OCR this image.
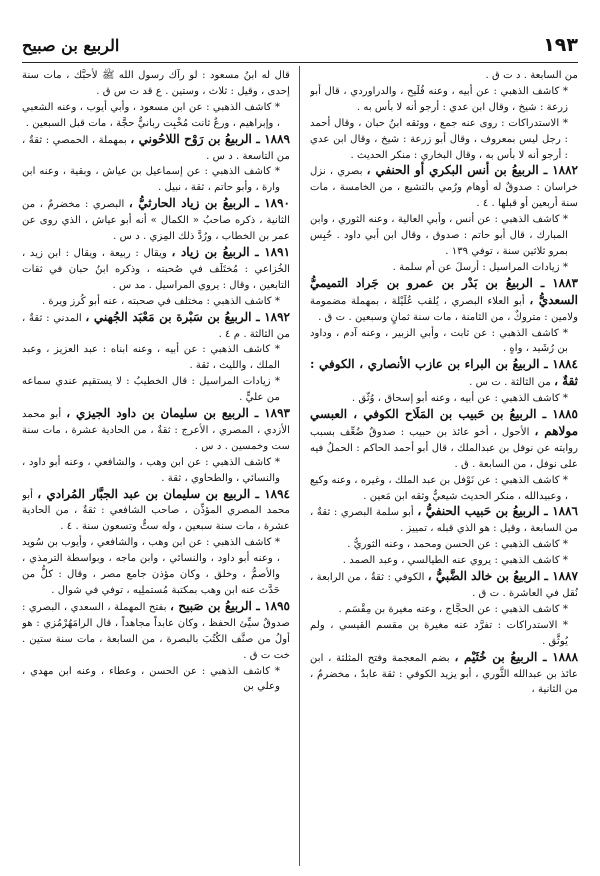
١٩٣
الربيع بن صبيح

من السابعة . د ت ق .

* كاشف الذهبي : عن أبيه ، وعنه فُلَيح ، والدراوردي ، قال أبو زرعة : شيخ ، وقال ابن عدي : أرجو أنه لا بأس به .

* الاستدراكات : روى عنه جمع ، ووثقه ابنُ حبان ، وقال أحمد : رجل ليس بمعروف ، وقال أبو زرعة : شيخ ، وقال ابن عدي : أرجو أنه لا بأس به ، وقال البخاري : منكر الحديث .

١٨٨٢ ـ الربيعُ بن أنس البكري أو الحنفي ، بصري ، نزل خراسان : صدوقٌ له أوهام ورُمي بالتشيع ، من الخامسة ، مات سنة أربعين أو قبلها . ٤ .

* كاشف الذهبي : عن أنس ، وأبي العالية ، وعنه الثوري ، وابن المبارك ، قال أبو حاتم : صدوق ، وقال ابن أبي داود . حُبِس بمرو ثلاثين سنة ، توفي ١٣٩ .

* زيادات المراسيل : أرسلَ عن أم سلمة .

١٨٨٣ ـ الربيعُ بن بَدْر بن عمرو بن جَراد التميميُّ السعديُّ ، أبو العلاء البصري ، يُلقب عُلَيْلة ، بمهملة مضمومة ولامين : متروكٌ ، من الثامنة ، مات سنة ثمانٍ وسبعين . ت ق .

* كاشف الذهبي : عن ثابت ، وأبي الزبير ، وعنه آدم ، وداود بن رُشَيد ، واهٍ .

١٨٨٤ ـ الربيعُ بن البراء بن عازب الأنصاري ، الكوفي : ثقةٌ ، من الثالثة . ت س .

* كاشف الذهبي : عن أبيه ، وعنه أبو إسحاق ، وُثّق .

١٨٨٥ ـ الربيعُ بن حَبيب بن المَلَاح الكوفي ، العبسي مولاهم ، الأحول ، أخو عائذ بن حبيب : صدوقٌ ضُعِّف بسبب روايته عن نوفل بن عبدالملك ، قال أبو أحمد الحاكم : الحملُ فيه على نوفل ، من السابعة . ق .

* كاشف الذهبي : عن نَوْفل بن عبد الملك ، وغيره ، وعنه وكيع ، وعبيدالله ، منكر الحديث شيعيٌّ وثقه ابن مَعين .

١٨٨٦ ـ الربيعُ بن حَبيب الحنفيُّ ، أبو سلمة البصري : ثقةٌ ، من السابعة ، وقيل : هو الذي قبله ، تمييز .

* كاشف الذهبي : عن الحسن ومحمد ، وعنه الثوريُّ .

* كاشف الذهبي : يروي عنه الطيالسي ، وعبد الصمد .

١٨٨٧ ـ الربيعُ بن خالد الضَّبيُّ ، الكوفي : ثقةٌ ، من الرابعة ، نُقل في العاشرة . ت ق .

* كاشف الذهبي : عن الحجَّاج ، وعنه مغيرة بن مِقْسَم .

* الاستدراكات : تفرَّد عنه مغيرة بن مقسم القيسي ، ولم يُوثَّق .

١٨٨٨ ـ الربيعُ بن خُثَيْم ، بضم المعجمة وفتح المثلثة ، ابن عائذ بن عبدالله الثَّوري ، أبو يزيد الكوفي : ثقة عابدٌ ، مخضرمٌ ، من الثانية ،

قال له ابنُ مسعود : لو رآك رسول الله ﷺ لأحبَّك ، مات سنة إحدى ، وقيل : ثلاث ، وستين . ع قد ت س ق .

* كاشف الذهبي : عن ابن مسعود ، وأبي أيوب ، وعنه الشعبي ، وإبراهيم ، ورعٌ ثانت مُخْبِت ربانيٌّ حجَّة ، مات قبل السبعين .

١٨٨٩ ـ الربيعُ بن رَوْح اللاحُوني ، بمهملة ، الحمصي : ثقةٌ ، من التاسعة . د س .

* كاشف الذهبي : عن إسماعيل بن عياش ، وبقية ، وعنه ابن وارة ، وأبو حاتم ، ثقة ، نبيل .

١٨٩٠ ـ الربيعُ بن زياد الحارثيُّ ، البصري : مخضرمٌ ، من الثانية ، ذكره صاحبُ « الكمال » أنه أبو عياش ، الذي روى عن عمر بن الخطاب ، ورُدَّ ذلك المِزي . د س .

١٨٩١ ـ الربيعُ بن زياد ، ويقال : ربيعة ، ويقال : ابن زيد ، الخُزاعي : مُختَلَف في صُحبته ، وذكره ابنُ حبان في ثقات التابعين ، وقال : يروي المراسيل . مد س .

* كاشف الذهبي : مختلف في صحبته ، عنه أبو كُرز ويرة .

١٨٩٢ ـ الربيعُ بن سَبْرة بن مَعْبَد الجُهني ، المدني : ثقةٌ ، من الثالثة . م ٤ .

* كاشف الذهبي : عن أبيه ، وعنه ابناه : عبد العزيز ، وعبد الملك ، والليث ، ثقة .

* زيادات المراسيل : قال الخطيبُ : لا يستقيم عندي سماعه من عليٍّ .

١٨٩٣ ـ الربيع بن سليمان بن داود الجيزي ، أبو محمد الأزدي ، المصري ، الأعرج : ثقةٌ ، من الحادية عشرة ، مات سنة ست وخمسين . د س .

* كاشف الذهبي : عن ابن وهب ، والشافعي ، وعنه أبو داود ، والنسائي ، والطحاوي ، ثقة .

١٨٩٤ ـ الربيع بن سليمان بن عبد الجبَّار المُرادي ، أبو محمد المصري المؤذِّن ، صاحب الشافعي : ثقةٌ ، من الحادية عشرة ، مات سنة سبعين ، وله ستٌّ وتسعون سنة . ٤ .

* كاشف الذهبي : عن ابن وهب ، والشافعي ، وأيوب بن سُويد ، وعنه أبو داود ، والنسائي ، وابن ماجه ، وبواسطة الترمذي ، والأصمُّ ، وخلق ، وكان مؤذن جامع مصر ، وقال : كلُّ من حَدَّث عنه ابن وهب بمكتبة مُستملِيه ، توفي في شوال .

١٨٩٥ ـ الربيعُ بن صَبيح ، بفتح المهملة ، السعدي ، البصري : صدوقٌ سيِّئ الحفظ ، وكان عابداً مجاهداً ، قال الرامَهُرْمُزي : هو أولُ من صنَّف الكُتُبَ بالبصرة ، من السابعة ، مات سنة ستين . خت ت ق .

* كاشف الذهبي : عن الحسن ، وعطاء ، وعنه ابن مهدي ، وعلي بن
